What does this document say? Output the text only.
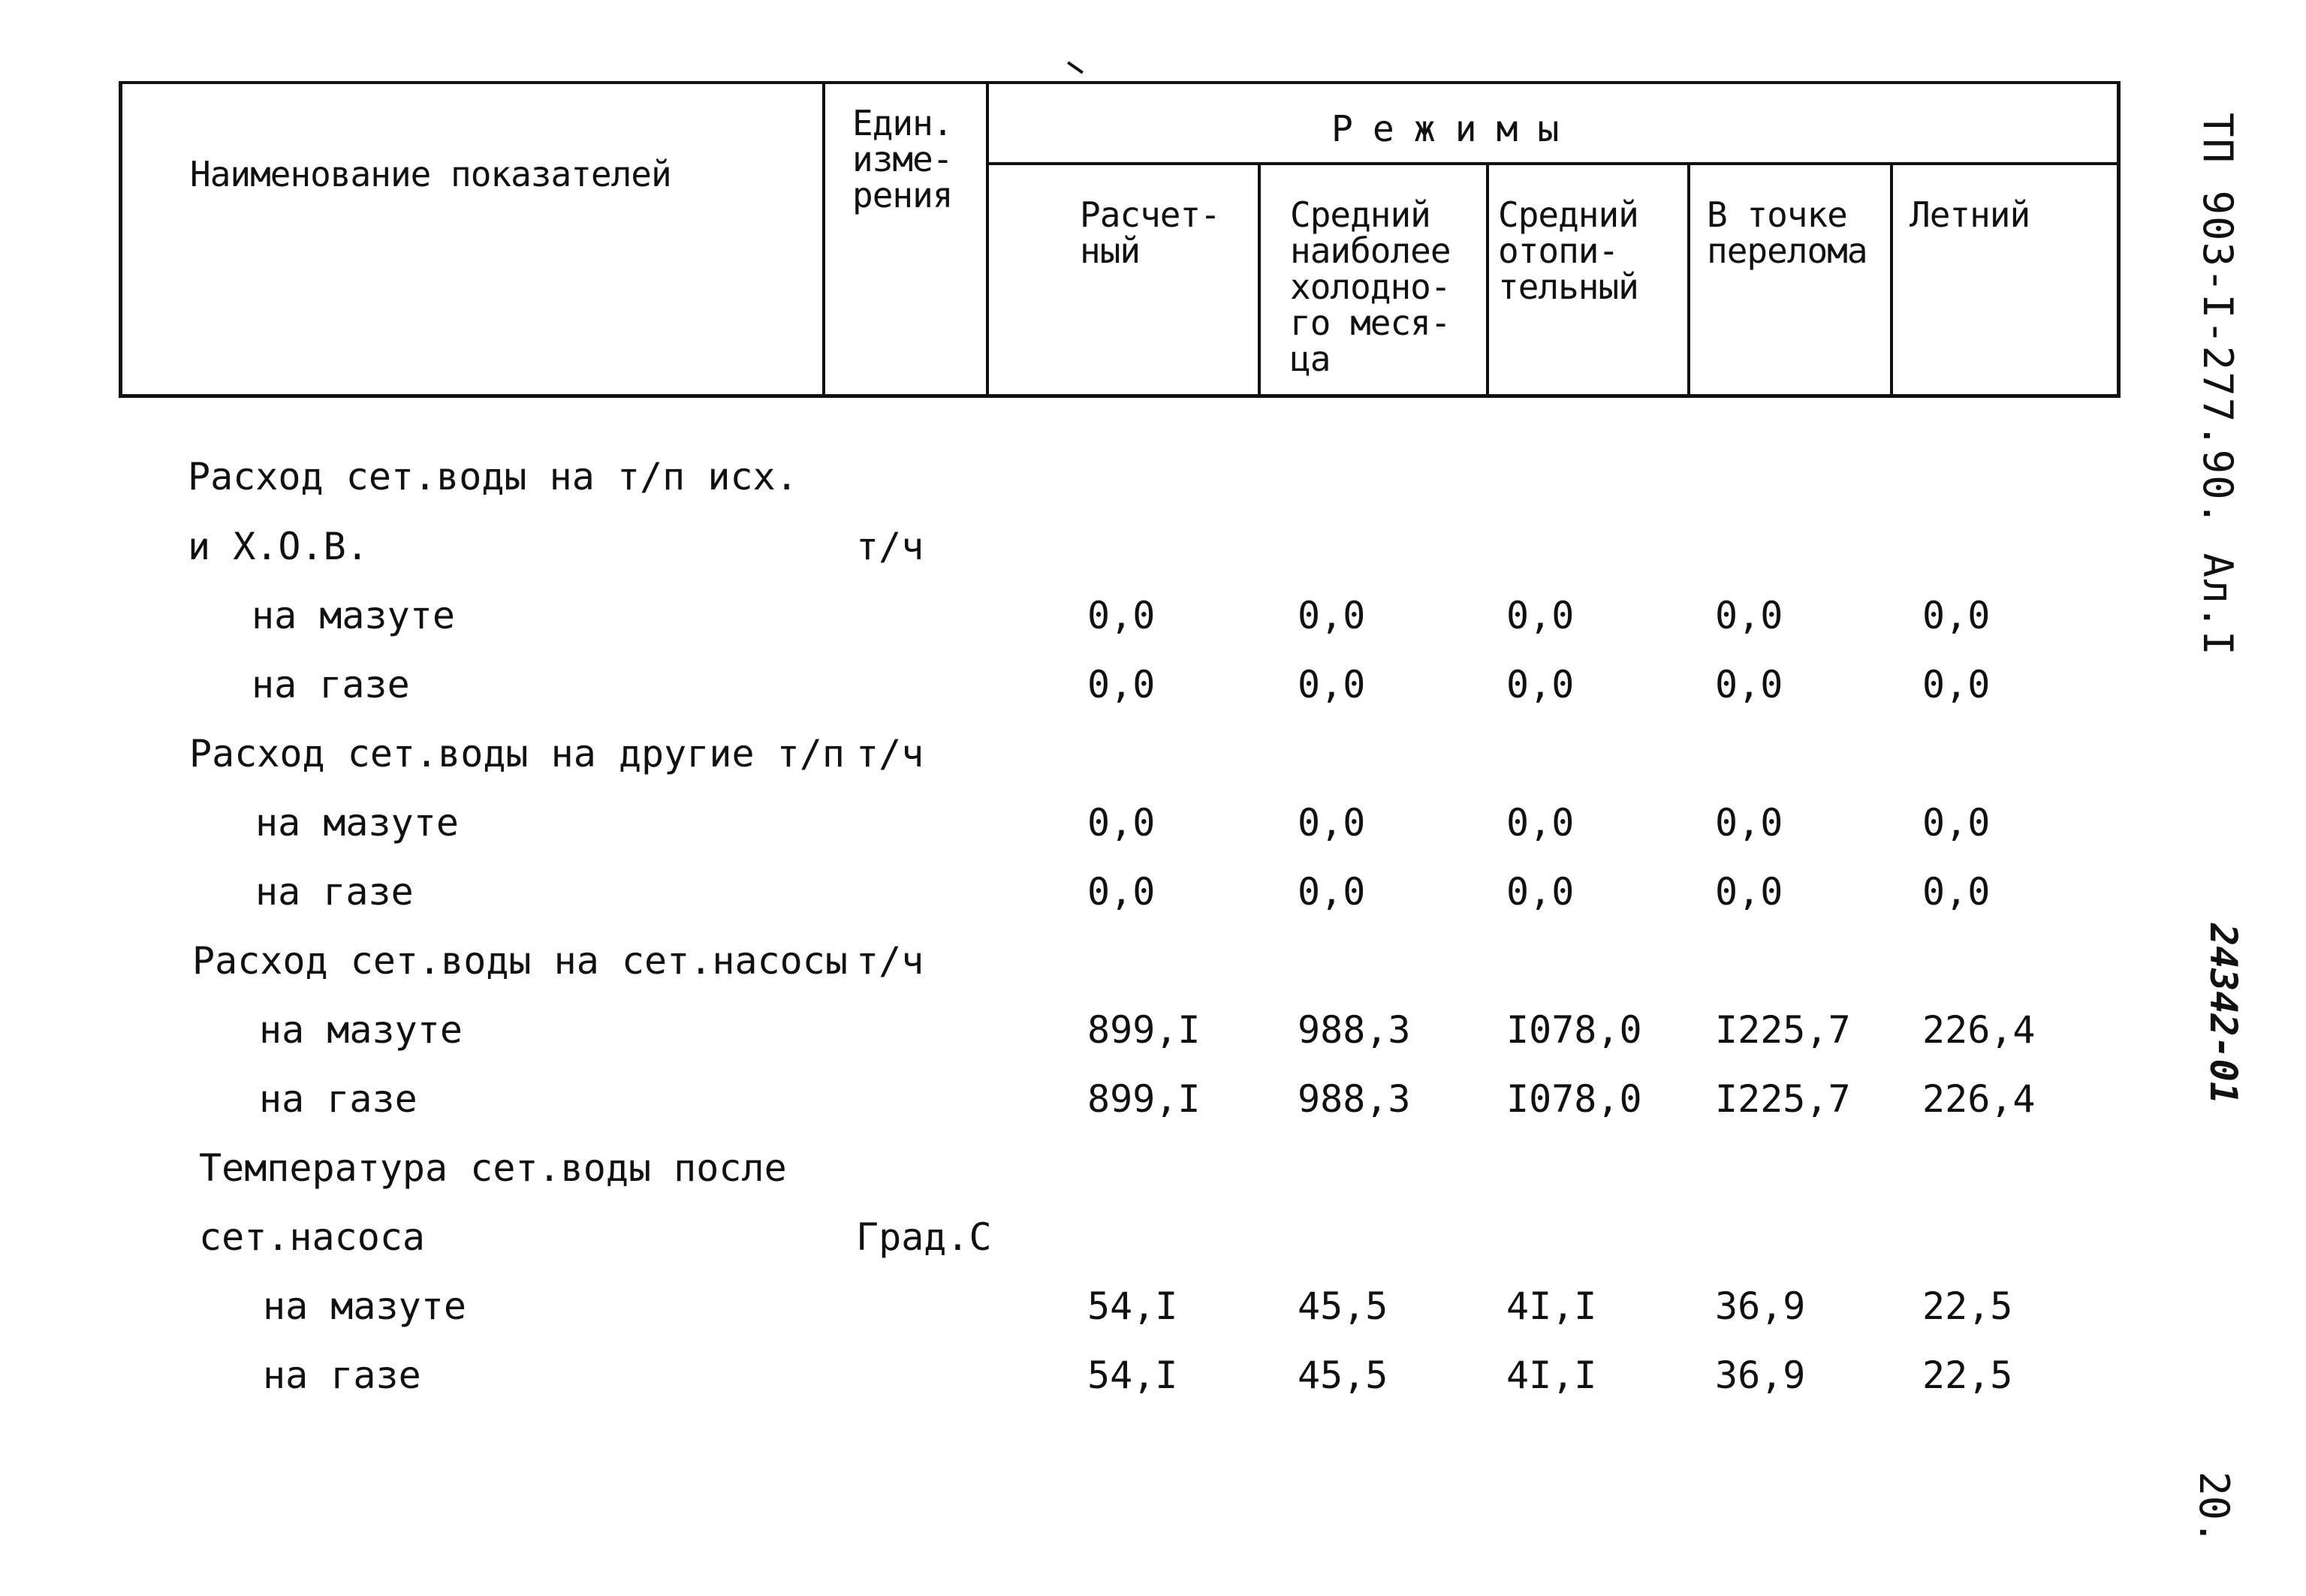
Наименование показателей
Един.
изме-
рения
Режимы
Расчет-
ный
Средний
наиболее
холодно-
го меся-
ца
Средний
отопи-
тельный
В точке
перелома
Летний
Расход сет.воды на т/п исх.
и Х.О.В.	т/ч
на мазуте	0,0	0,0	0,0	0,0	0,0
на газе	0,0	0,0	0,0	0,0	0,0
Расход сет.воды на другие т/п т/ч
на мазуте	0,0	0,0	0,0	0,0	0,0
на газе	0,0	0,0	0,0	0,0	0,0
Расход сет.воды на сет.насосы т/ч
на мазуте	899,I	988,3	I078,0 I225,7 226,4
на газе	899,I	988,3	I078,0 I225,7 226,4
Температура сет.воды после
сет.насоса	Град.С
на мазуте	54,I	45,5	4I,I	36,9	22,5
на газе	54,I	45,5	4I,I	36,9	22,5
ТП 903-I-277.90. Ал.I
24342-01
20.
